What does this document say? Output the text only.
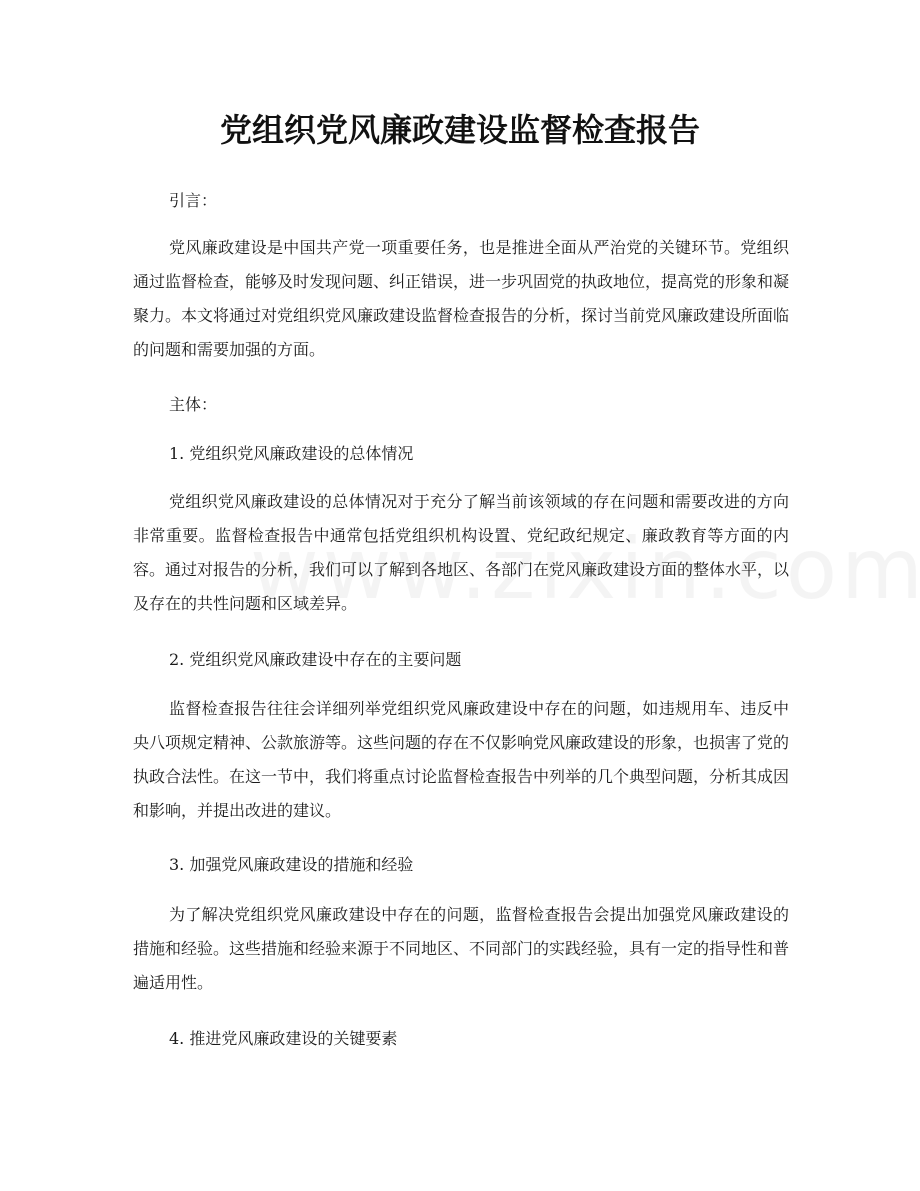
党组织党风廉政建设监督检查报告

引言：

党风廉政建设是中国共产党一项重要任务，也是推进全面从严治党的关键环节。党组织通过监督检查，能够及时发现问题、纠正错误，进一步巩固党的执政地位，提高党的形象和凝聚力。本文将通过对党组织党风廉政建设监督检查报告的分析，探讨当前党风廉政建设所面临的问题和需要加强的方面。

主体：

1. 党组织党风廉政建设的总体情况

党组织党风廉政建设的总体情况对于充分了解当前该领域的存在问题和需要改进的方向非常重要。监督检查报告中通常包括党组织机构设置、党纪政纪规定、廉政教育等方面的内容。通过对报告的分析，我们可以了解到各地区、各部门在党风廉政建设方面的整体水平，以及存在的共性问题和区域差异。

2. 党组织党风廉政建设中存在的主要问题

监督检查报告往往会详细列举党组织党风廉政建设中存在的问题，如违规用车、违反中央八项规定精神、公款旅游等。这些问题的存在不仅影响党风廉政建设的形象，也损害了党的执政合法性。在这一节中，我们将重点讨论监督检查报告中列举的几个典型问题，分析其成因和影响，并提出改进的建议。

3. 加强党风廉政建设的措施和经验

为了解决党组织党风廉政建设中存在的问题，监督检查报告会提出加强党风廉政建设的措施和经验。这些措施和经验来源于不同地区、不同部门的实践经验，具有一定的指导性和普遍适用性。

4. 推进党风廉政建设的关键要素
